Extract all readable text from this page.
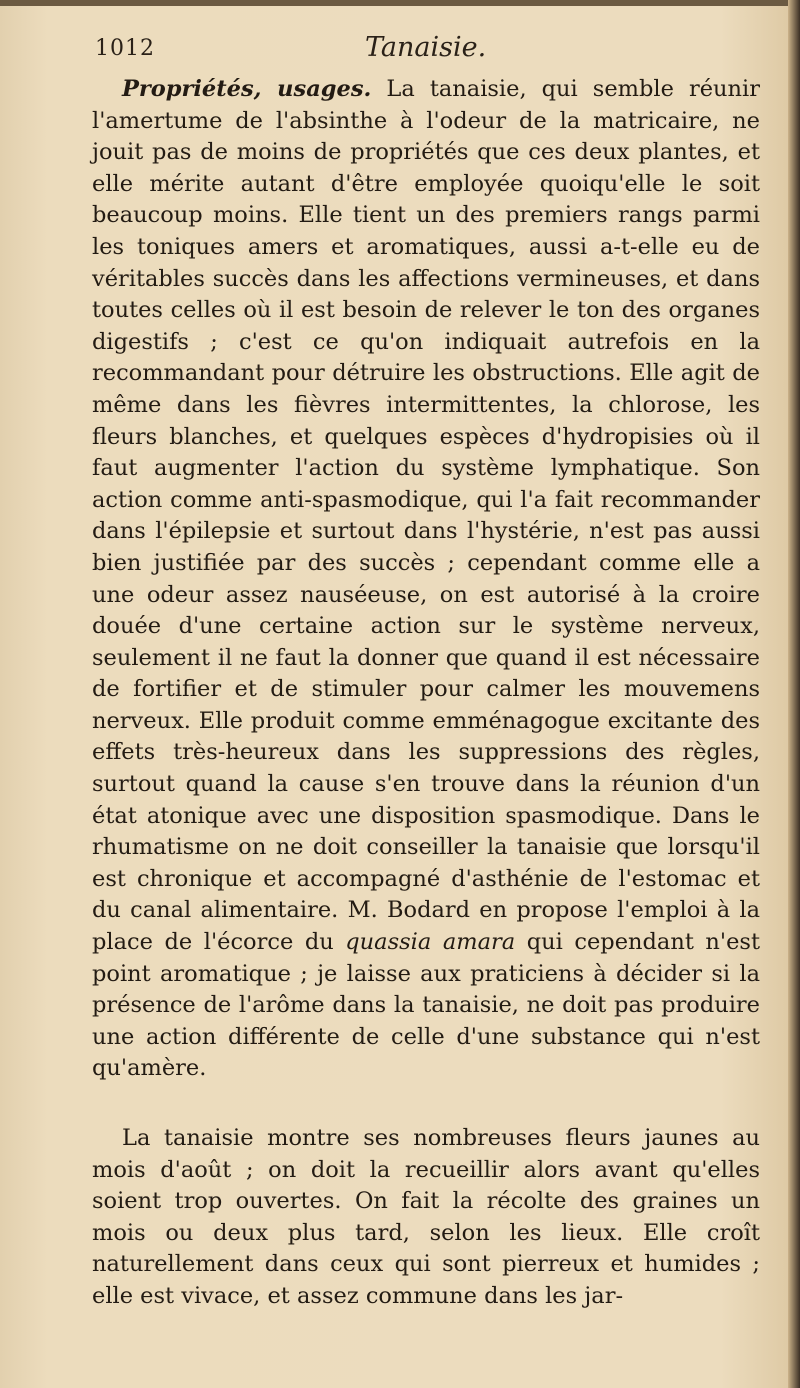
1012	Tanaisie.

Propriétés, usages. La tanaisie, qui semble réunir l'amertume de l'absinthe à l'odeur de la matricaire, ne jouit pas de moins de propriétés que ces deux plantes, et elle mérite autant d'être employée quoiqu'elle le soit beaucoup moins. Elle tient un des premiers rangs parmi les toniques amers et aromatiques, aussi a-t-elle eu de véritables succès dans les affections vermineuses, et dans toutes celles où il est besoin de relever le ton des organes digestifs ; c'est ce qu'on indiquait autrefois en la recommandant pour détruire les obstructions. Elle agit de même dans les fièvres intermittentes, la chlorose, les fleurs blanches, et quelques espèces d'hydropisies où il faut augmenter l'action du système lymphatique. Son action comme anti-spasmodique, qui l'a fait recommander dans l'épilepsie et surtout dans l'hystérie, n'est pas aussi bien justifiée par des succès ; cependant comme elle a une odeur assez nauséeuse, on est autorisé à la croire douée d'une certaine action sur le système nerveux, seulement il ne faut la donner que quand il est nécessaire de fortifier et de stimuler pour calmer les mouvemens nerveux. Elle produit comme emménagogue excitante des effets très-heureux dans les suppressions des règles, surtout quand la cause s'en trouve dans la réunion d'un état atonique avec une disposition spasmodique. Dans le rhumatisme on ne doit conseiller la tanaisie que lorsqu'il est chronique et accompagné d'asthénie de l'estomac et du canal alimentaire. M. Bodard en propose l'emploi à la place de l'écorce du quassia amara qui cependant n'est point aromatique ; je laisse aux praticiens à décider si la présence de l'arôme dans la tanaisie, ne doit pas produire une action différente de celle d'une substance qui n'est qu'amère.

La tanaisie montre ses nombreuses fleurs jaunes au mois d'août ; on doit la recueillir alors avant qu'elles soient trop ouvertes. On fait la récolte des graines un mois ou deux plus tard, selon les lieux. Elle croît naturellement dans ceux qui sont pierreux et humides ; elle est vivace, et assez commune dans les jar-
